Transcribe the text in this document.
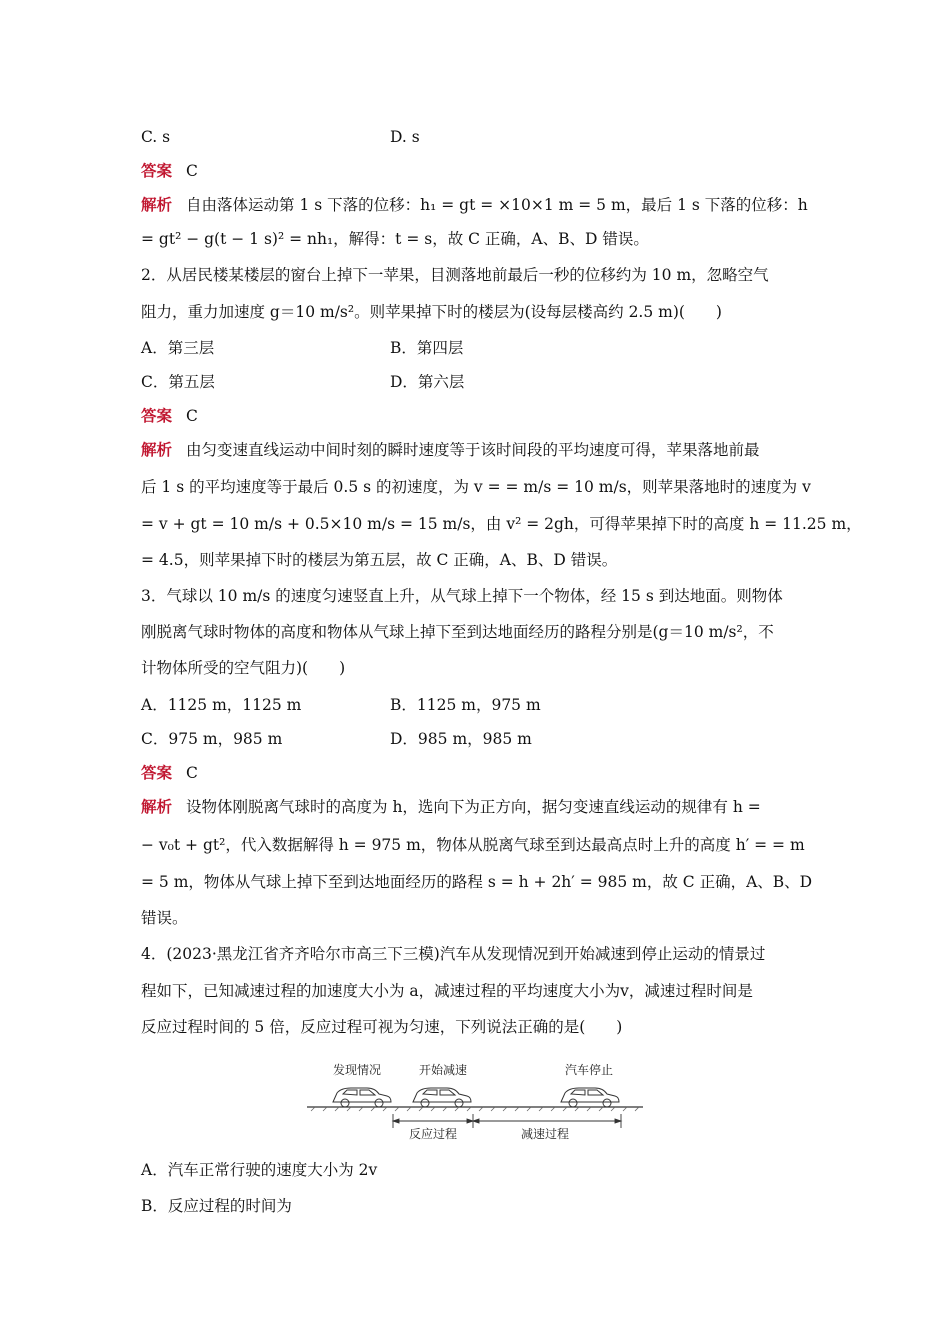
C. s	D. s
答案 C
解析 自由落体运动第 1 s 下落的位移：h₁ = gt = ×10×1 m = 5 m，最后 1 s 下落的位移：h
= gt² − g(t − 1 s)² = nh₁，解得：t = s，故 C 正确，A、B、D 错误。
2．从居民楼某楼层的窗台上掉下一苹果，目测落地前最后一秒的位移约为 10 m，忽略空气
阻力，重力加速度 g＝10 m/s²。则苹果掉下时的楼层为(设每层楼高约 2.5 m)(　　)
A．第三层	B．第四层
C．第五层	D．第六层
答案 C
解析 由匀变速直线运动中间时刻的瞬时速度等于该时间段的平均速度可得，苹果落地前最
后 1 s 的平均速度等于最后 0.5 s 的初速度，为 v = = m/s = 10 m/s，则苹果落地时的速度为 v
= v + gt = 10 m/s + 0.5×10 m/s = 15 m/s，由 v² = 2gh，可得苹果掉下时的高度 h = 11.25 m，
= 4.5，则苹果掉下时的楼层为第五层，故 C 正确，A、B、D 错误。
3．气球以 10 m/s 的速度匀速竖直上升，从气球上掉下一个物体，经 15 s 到达地面。则物体
刚脱离气球时物体的高度和物体从气球上掉下至到达地面经历的路程分别是(g＝10 m/s²，不
计物体所受的空气阻力)(　　)
A．1125 m，1125 m	B．1125 m，975 m
C．975 m，985 m	D．985 m，985 m
答案 C
解析 设物体刚脱离气球时的高度为 h，选向下为正方向，据匀变速直线运动的规律有 h =
− v₀t + gt²，代入数据解得 h = 975 m，物体从脱离气球至到达最高点时上升的高度 h′ = = m
= 5 m，物体从气球上掉下至到达地面经历的路程 s = h + 2h′ = 985 m，故 C 正确，A、B、D
错误。
4．(2023·黑龙江省齐齐哈尔市高三下三模)汽车从发现情况到开始减速到停止运动的情景过
程如下，已知减速过程的加速度大小为 a，减速过程的平均速度大小为v，减速过程时间是
反应过程时间的 5 倍，反应过程可视为匀速，下列说法正确的是(　　)
发现情况	开始减速	汽车停止
反应过程	减速过程
A．汽车正常行驶的速度大小为 2v
B．反应过程的时间为
